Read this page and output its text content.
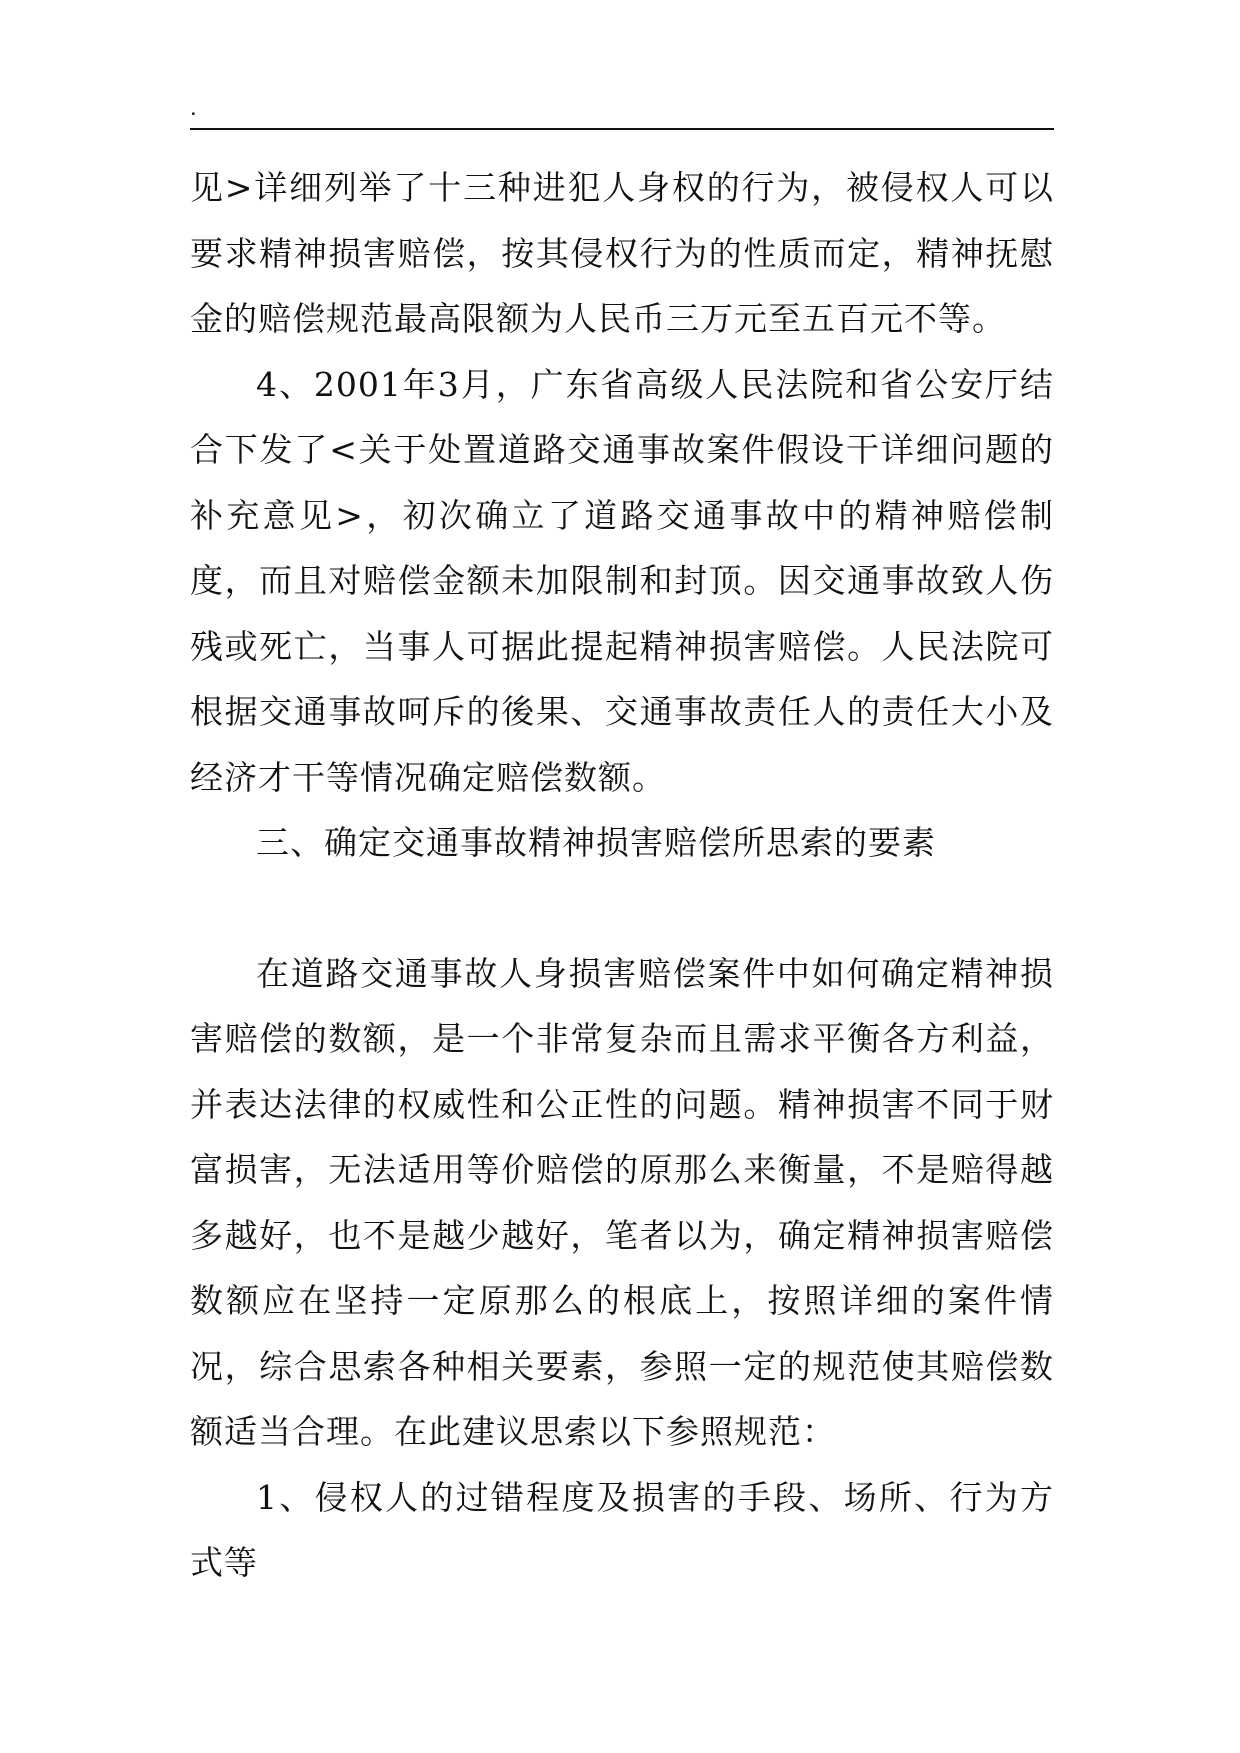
.

见>详细列举了十三种进犯人身权的行为，被侵权人可以要求精神损害赔偿，按其侵权行为的性质而定，精神抚慰金的赔偿规范最高限额为人民币三万元至五百元不等。

4、2001年3月，广东省高级人民法院和省公安厅结合下发了<关于处置道路交通事故案件假设干详细问题的补充意见>，初次确立了道路交通事故中的精神赔偿制度，而且对赔偿金额未加限制和封顶。因交通事故致人伤残或死亡，当事人可据此提起精神损害赔偿。人民法院可根据交通事故呵斥的後果、交通事故责任人的责任大小及经济才干等情况确定赔偿数额。

三、确定交通事故精神损害赔偿所思索的要素

在道路交通事故人身损害赔偿案件中如何确定精神损害赔偿的数额，是一个非常复杂而且需求平衡各方利益，并表达法律的权威性和公正性的问题。精神损害不同于财富损害，无法适用等价赔偿的原那么来衡量，不是赔得越多越好，也不是越少越好，笔者以为，确定精神损害赔偿数额应在坚持一定原那么的根底上，按照详细的案件情况，综合思索各种相关要素，参照一定的规范使其赔偿数额适当合理。在此建议思索以下参照规范：

1、侵权人的过错程度及损害的手段、场所、行为方式等
